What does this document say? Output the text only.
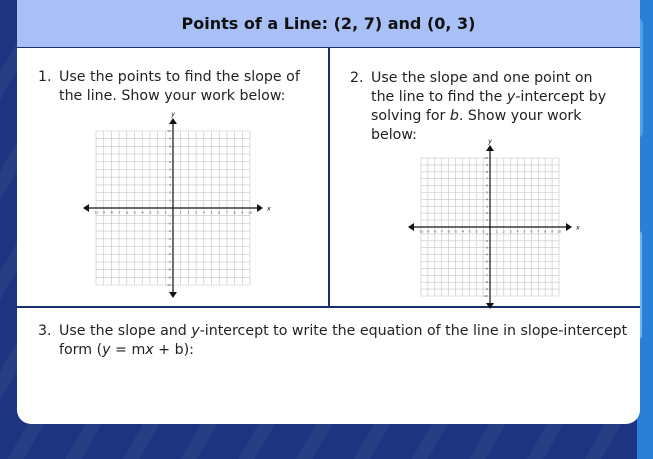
Points of a Line: (2, 7) and (0, 3)
1. Use the points to find the slope of the line. Show your work below:
-10
-10
-9
-9
-8
-8
-7
-7
-6
-6
-5
-5
-4
-4
-3
-3
-2
-2
-1
-1
1
1
2
2
3
3
4
4
5
5
6
6
7
7
8
8
9
9
10
10
x
y
2. Use the slope and one point on the line to find the y-intercept by solving for b. Show your work below:
-10
-10
-9
-9
-8
-8
-7
-7
-6
-6
-5
-5
-4
-4
-3
-3
-2
-2
-1
-1
1
1
2
2
3
3
4
4
5
5
6
6
7
7
8
8
9
9
10
10
x
y
3. Use the slope and y-intercept to write the equation of the line in slope-intercept form (y = mx + b):
